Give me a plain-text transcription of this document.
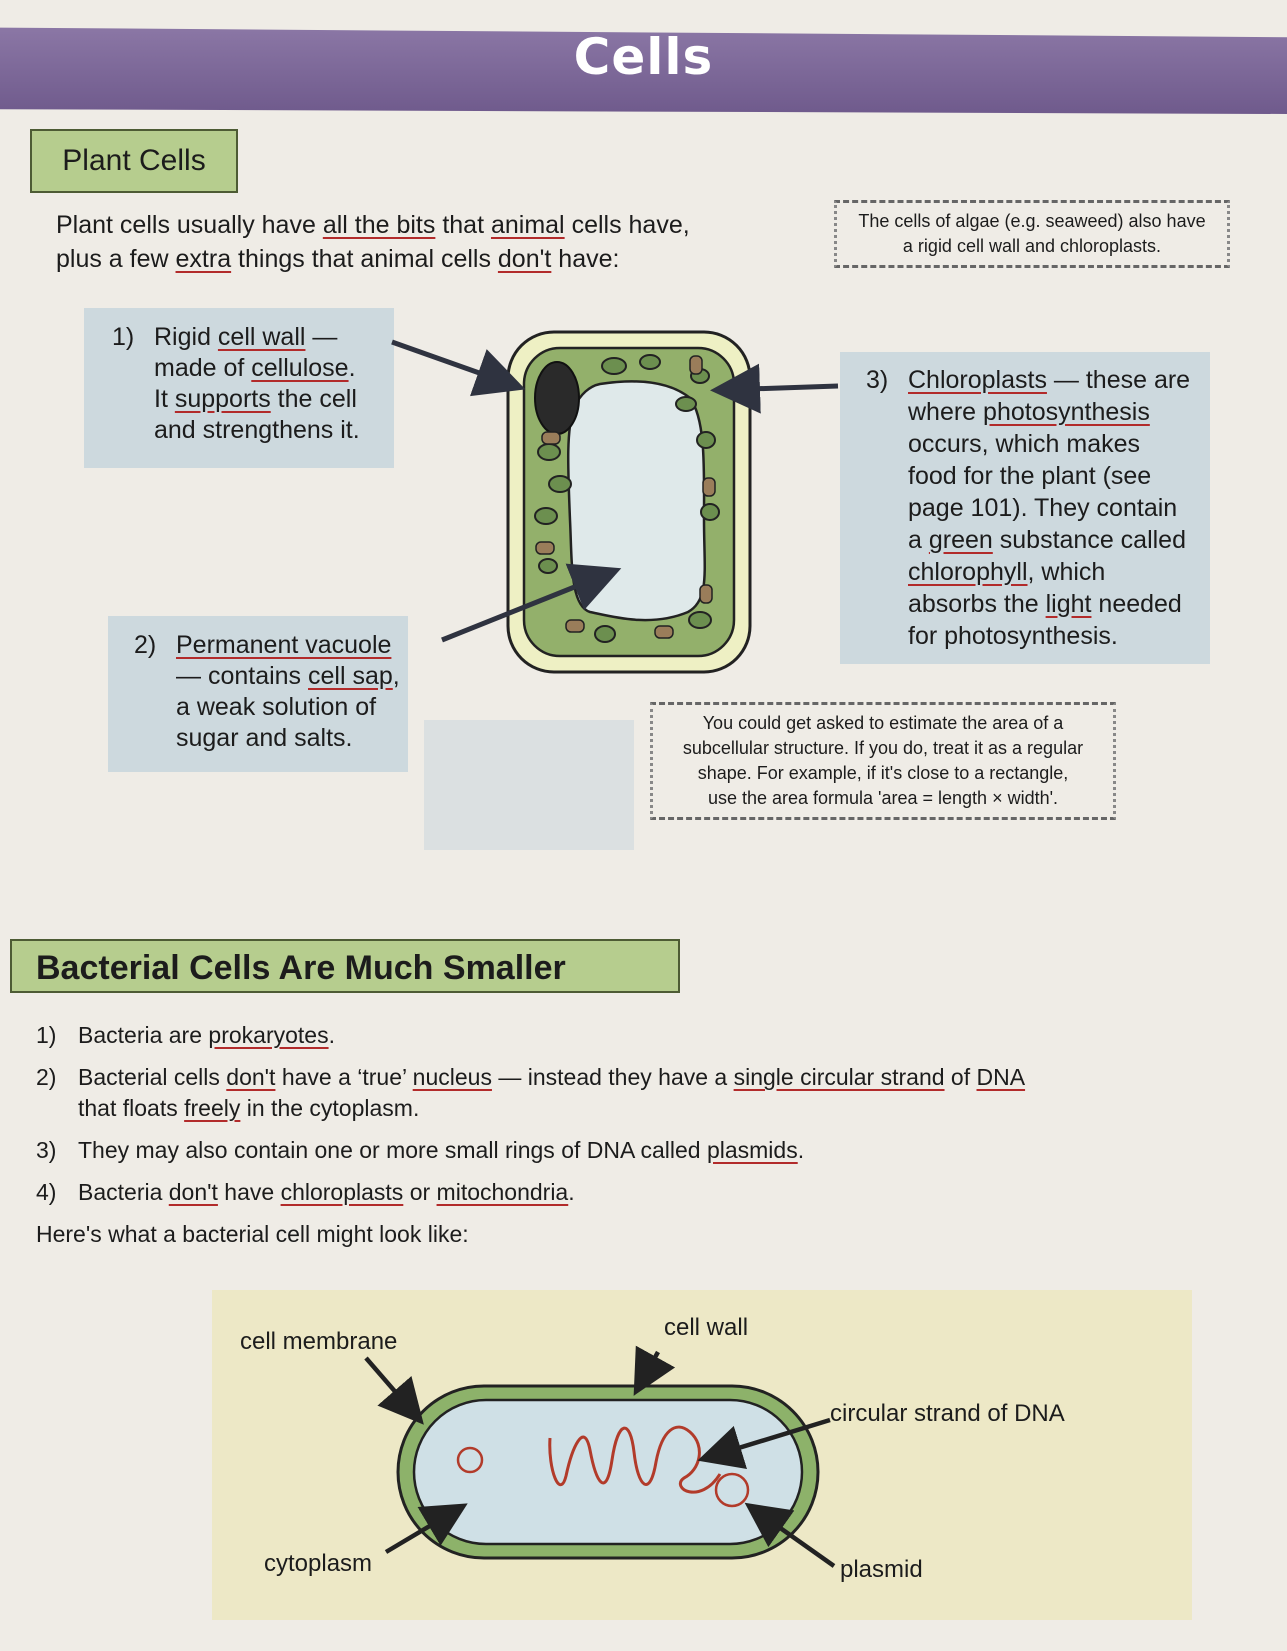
Cells
Plant Cells
Plant cells usually have all the bits that animal cells have,
plus a few extra things that animal cells don't have:
The cells of algae (e.g. seaweed) also have
a rigid cell wall and chloroplasts.
1) Rigid cell wall —
made of cellulose.
It supports the cell
and strengthens it.
2) Permanent vacuole
— contains cell sap,
a weak solution of
sugar and salts.
3) Chloroplasts — these are
where photosynthesis
occurs, which makes
food for the plant (see
page 101). They contain
a green substance called
chlorophyll, which
absorbs the light needed
for photosynthesis.
You could get asked to estimate the area of a
subcellular structure. If you do, treat it as a regular
shape. For example, if it's close to a rectangle,
use the area formula 'area = length × width'.
Bacterial Cells Are Much Smaller
1) Bacteria are prokaryotes.
2) Bacterial cells don't have a ‘true’ nucleus — instead they have a single circular strand of DNA
that floats freely in the cytoplasm.
3) They may also contain one or more small rings of DNA called plasmids.
4) Bacteria don't have chloroplasts or mitochondria.
Here's what a bacterial cell might look like:
cell membrane
cell wall
circular strand of DNA
cytoplasm	plasmid
